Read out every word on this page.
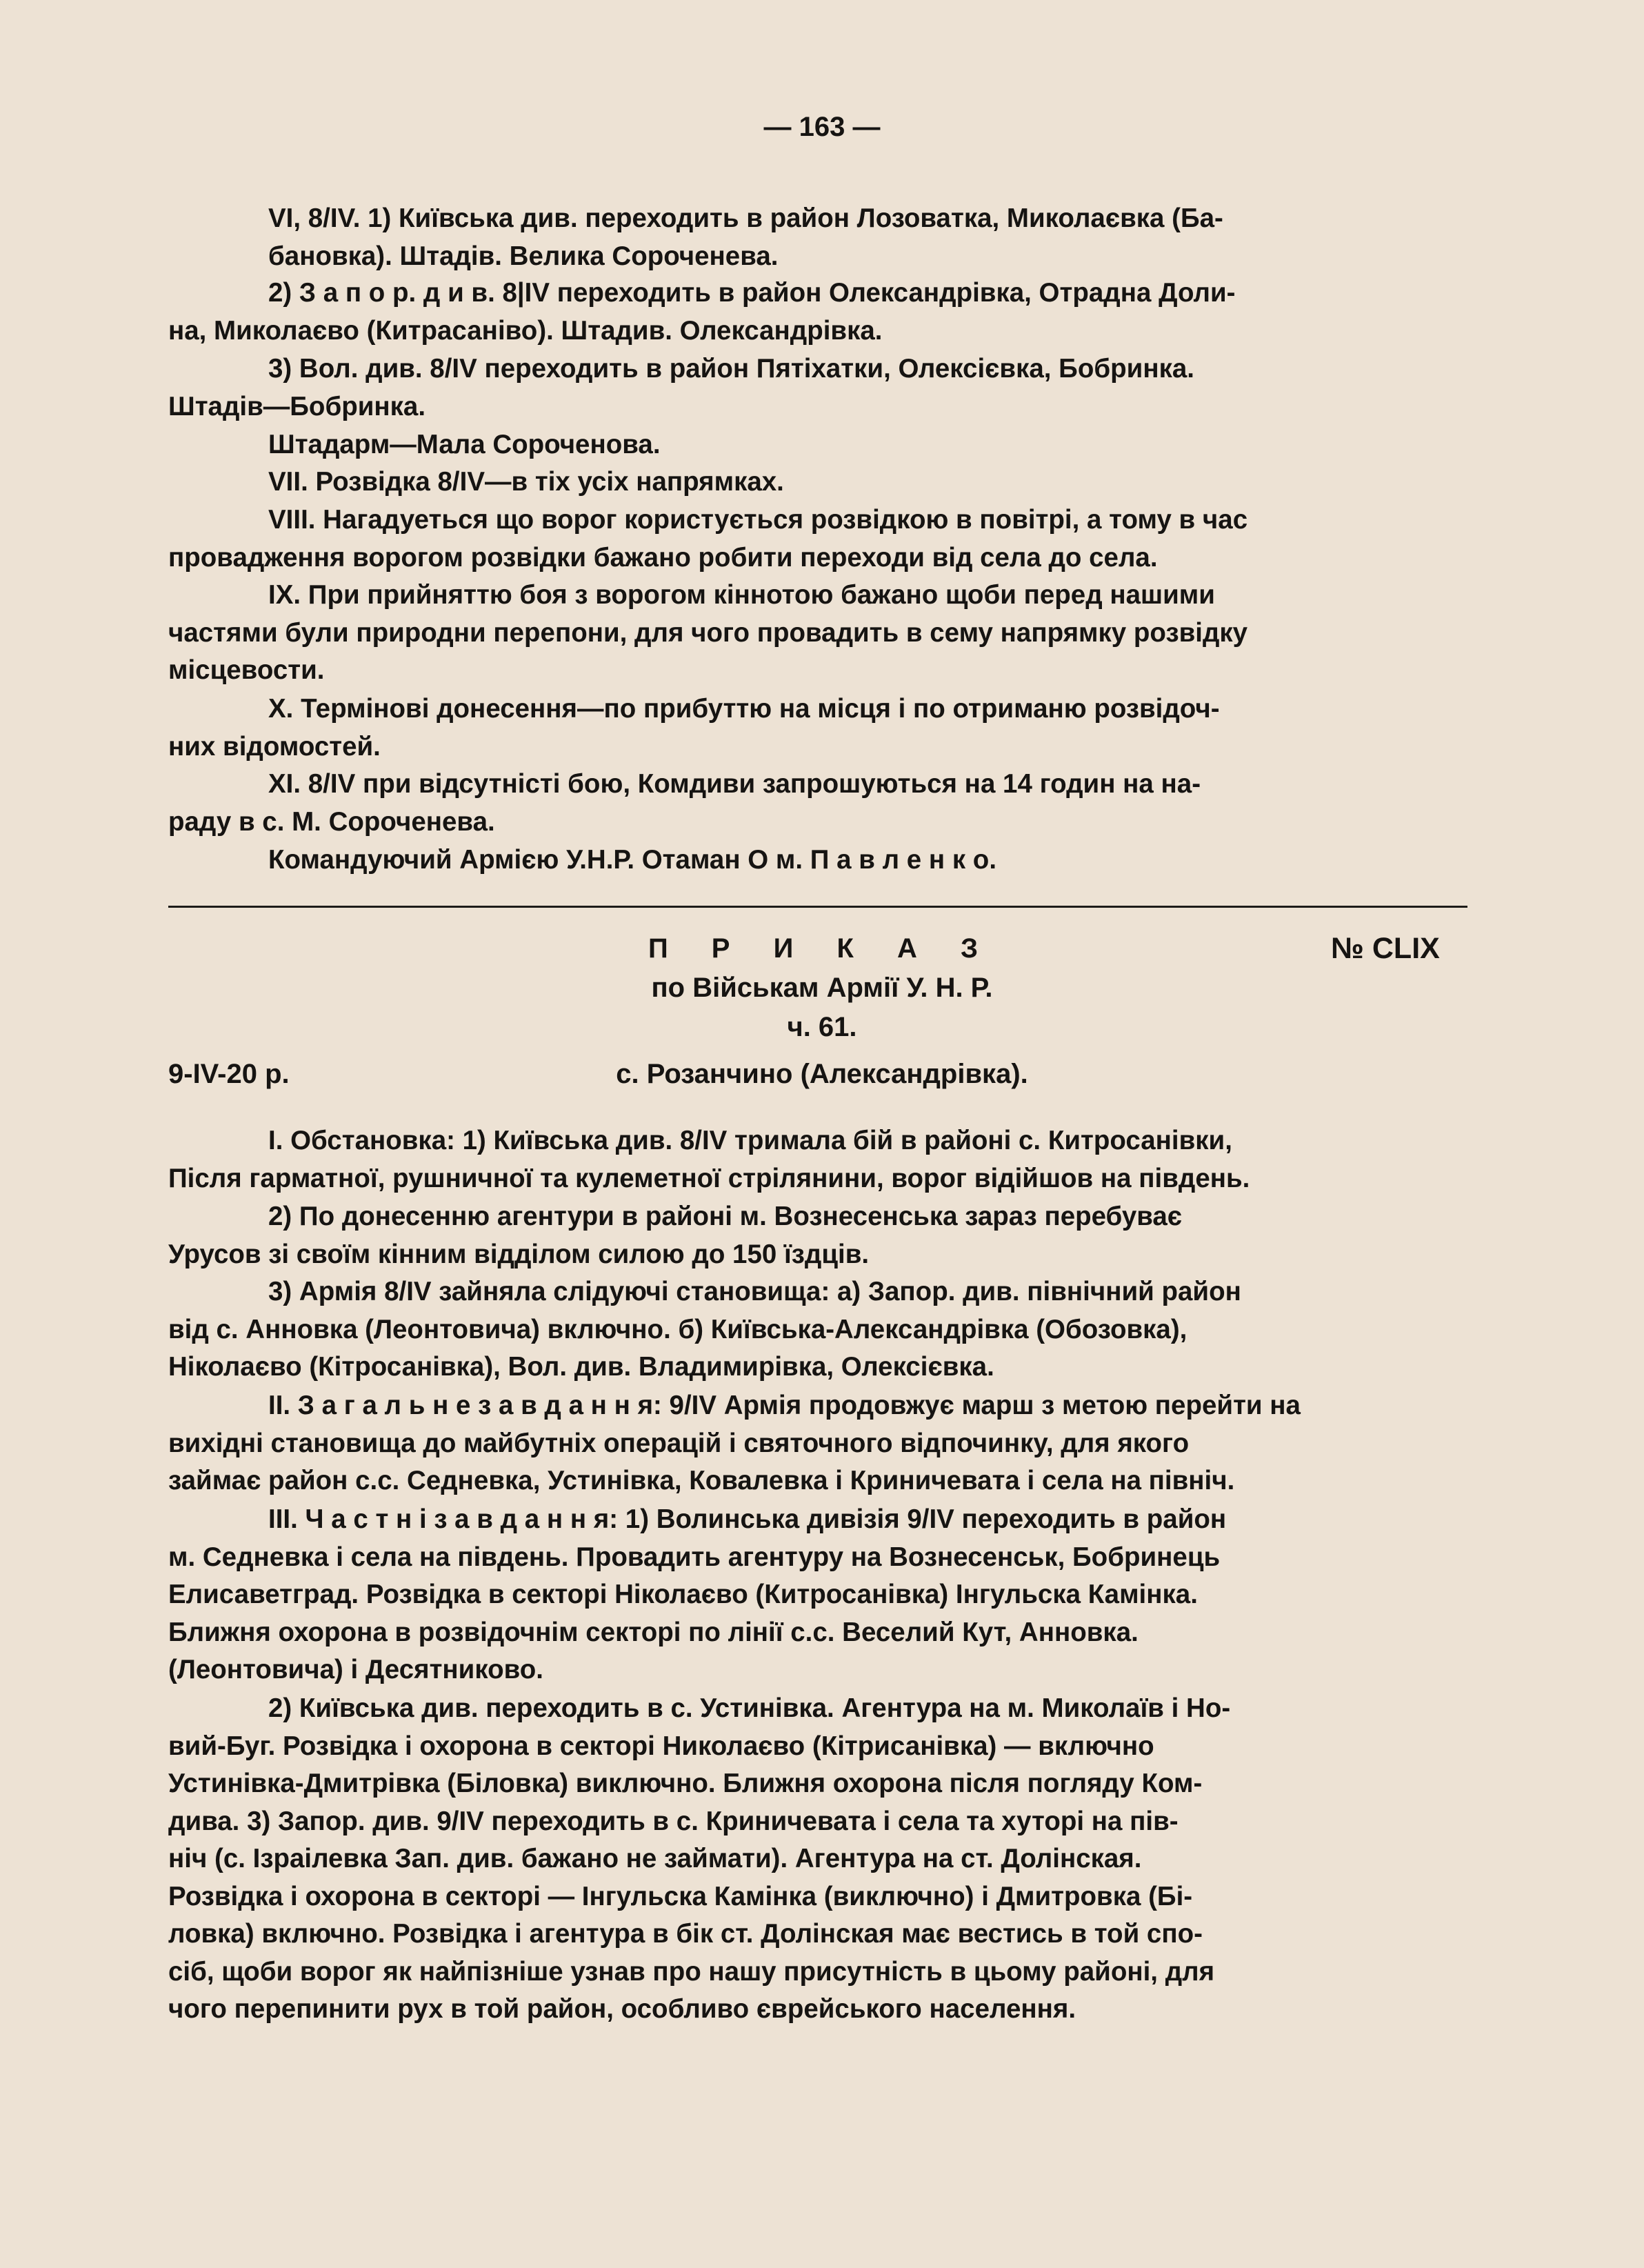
— 163 —

VI, 8/IV. 1) Київська див. переходить в район Лозоватка, Миколаєвка (Ба-
бановка). Штадів. Велика Сороченева.

2) З а п о р. д и в. 8|IV переходить в район Олександрівка, Отрадна Доли-
на, Миколаєво (Китрасаніво). Штадив. Олександрівка.

3) Вол. див. 8/IV переходить в район Пятіхатки, Олексієвка, Бобринка.
Штадів—Бобринка.

Штадарм—Мала Сороченова.

VII. Розвідка 8/IV—в тіх усіх напрямках.

VIII. Нагадуеться що ворог користується розвідкою в повітрі, а тому в час
провадження ворогом розвідки бажано робити переходи від села до села.

IX. При прийняттю боя з ворогом кіннотою бажано щоби перед нашими
частями були природни перепони, для чого провадить в сему напрямку розвідку
місцевости.

X. Термінові донесення—по прибуттю на місця і по отриманю розвідоч-
них відомостей.

XI. 8/IV при відсутністі бою, Комдиви запрошуються на 14 годин на на-
раду в с. М. Сороченева.

Командуючий Армією У.Н.Р. Отаман О м. П а в л е н к о.

П Р И К А З	№ CLIX
по Військам Армії У. Н. Р.
ч. 61.
9-IV-20 р.	с. Розанчино (Александрівка).

I. Обстановка: 1) Київська див. 8/IV тримала бій в районі с. Китросанівки,
Після гарматної, рушничної та кулеметної стрілянини, ворог відійшов на південь.

2) По донесенню агентури в районі м. Вознесенська зараз перебуває
Урусов зі своїм кінним відділом силою до 150 їздців.

3) Армія 8/IV зайняла слідуючі становища: а) Запор. див. північний район
від с. Анновка (Леонтовича) включно. б) Київська-Александрівка (Обозовка),
Ніколаєво (Кітросанівка), Вол. див. Владимирівка, Олексієвка.

II. З а г а л ь н е з а в д а н н я: 9/IV Армія продовжує марш з метою перейти на
вихідні становища до майбутніх операцій і святочного відпочинку, для якого
займає район с.с. Седневка, Устинівка, Ковалевка і Криничевата і села на північ.

III. Ч а с т н і з а в д а н н я: 1) Волинська дивізія 9/IV переходить в район
м. Седневка і села на південь. Провадить агентуру на Вознесенськ, Бобринець
Елисаветград. Розвідка в секторі Ніколаєво (Китросанівка) Інгульска Камінка.
Ближня охорона в розвідочнім секторі по лінії с.с. Веселий Кут, Анновка.
(Леонтовича) і Десятниково.

2) Київська див. переходить в с. Устинівка. Агентура на м. Миколаїв і Но-
вий-Буг. Розвідка і охорона в секторі Николаєво (Кітрисанівка) — включно
Устинівка-Дмитрівка (Біловка) виключно. Ближня охорона після погляду Ком-
дива. 3) Запор. див. 9/IV переходить в с. Криничевата і села та хуторі на пів-
ніч (с. Ізраілевка Зап. див. бажано не займати). Агентура на ст. Долінская.
Розвідка і охорона в секторі — Інгульска Камінка (виключно) і Дмитровка (Бі-
ловка) включно. Розвідка і агентура в бік ст. Долінская має вестись в той спо-
сіб, щоби ворог як найпізніше узнав про нашу присутність в цьому районі, для
чого перепинити рух в той район, особливо єврейського населення.
